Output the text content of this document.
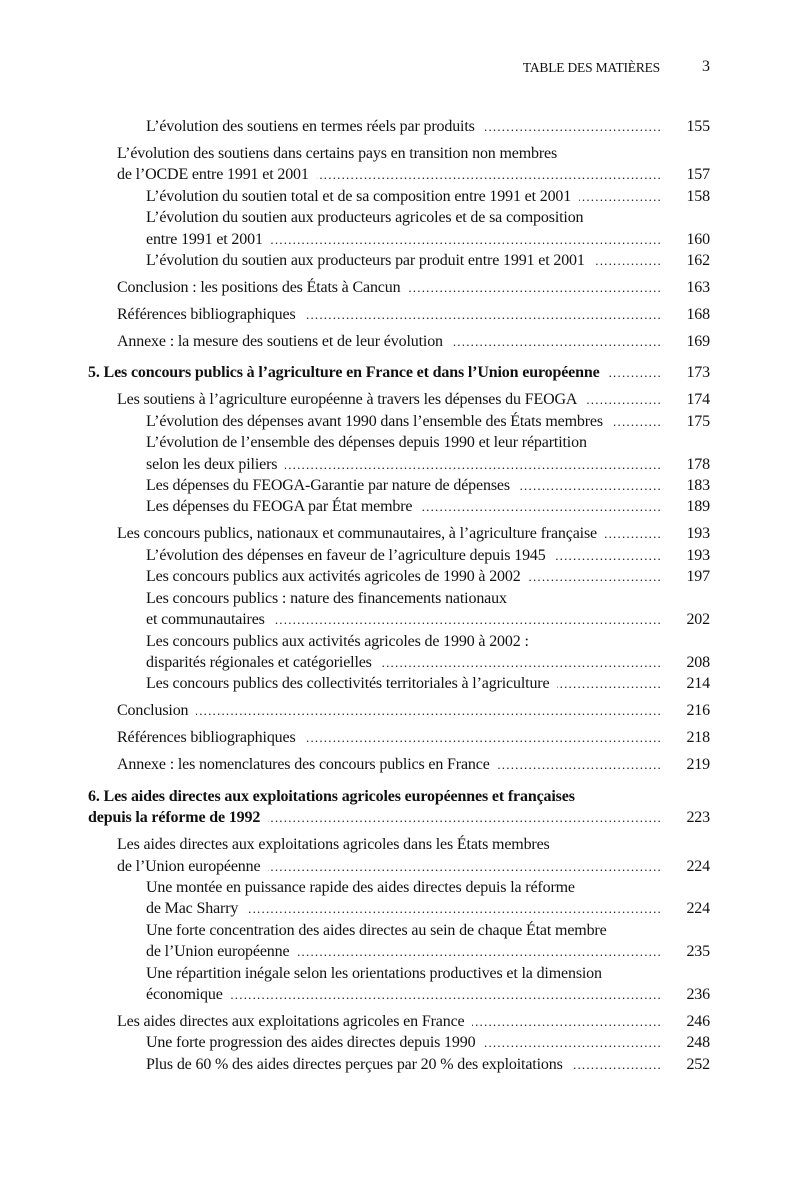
TABLE DES MATIÈRES	3
L’évolution des soutiens en termes réels par produits .....	155
L’évolution des soutiens dans certains pays en transition non membres
de l’OCDE entre 1991 et 2001 .....	157
L’évolution du soutien total et de sa composition entre 1991 et 2001 .....	158
L’évolution du soutien aux producteurs agricoles et de sa composition
entre 1991 et 2001 .....	160
L’évolution du soutien aux producteurs par produit entre 1991 et 2001 .....	162
Conclusion : les positions des États à Cancun .....	163
Références bibliographiques .....	168
Annexe : la mesure des soutiens et de leur évolution .....	169
5. Les concours publics à l’agriculture en France et dans l’Union européenne .....	173
Les soutiens à l’agriculture européenne à travers les dépenses du FEOGA .....	174
L’évolution des dépenses avant 1990 dans l’ensemble des États membres .....	175
L’évolution de l’ensemble des dépenses depuis 1990 et leur répartition
selon les deux piliers .....	178
Les dépenses du FEOGA-Garantie par nature de dépenses .....	183
Les dépenses du FEOGA par État membre .....	189
Les concours publics, nationaux et communautaires, à l’agriculture française .....	193
L’évolution des dépenses en faveur de l’agriculture depuis 1945 .....	193
Les concours publics aux activités agricoles de 1990 à 2002 .....	197
Les concours publics : nature des financements nationaux
et communautaires .....	202
Les concours publics aux activités agricoles de 1990 à 2002 :
disparités régionales et catégorielles .....	208
Les concours publics des collectivités territoriales à l’agriculture .....	214
Conclusion .....	216
Références bibliographiques .....	218
Annexe : les nomenclatures des concours publics en France .....	219
6. Les aides directes aux exploitations agricoles européennes et françaises
depuis la réforme de 1992 .....	223
Les aides directes aux exploitations agricoles dans les États membres
de l’Union européenne .....	224
Une montée en puissance rapide des aides directes depuis la réforme
de Mac Sharry .....	224
Une forte concentration des aides directes au sein de chaque État membre
de l’Union européenne .....	235
Une répartition inégale selon les orientations productives et la dimension
économique .....	236
Les aides directes aux exploitations agricoles en France .....	246
Une forte progression des aides directes depuis 1990 .....	248
Plus de 60 % des aides directes perçues par 20 % des exploitations .....	252
